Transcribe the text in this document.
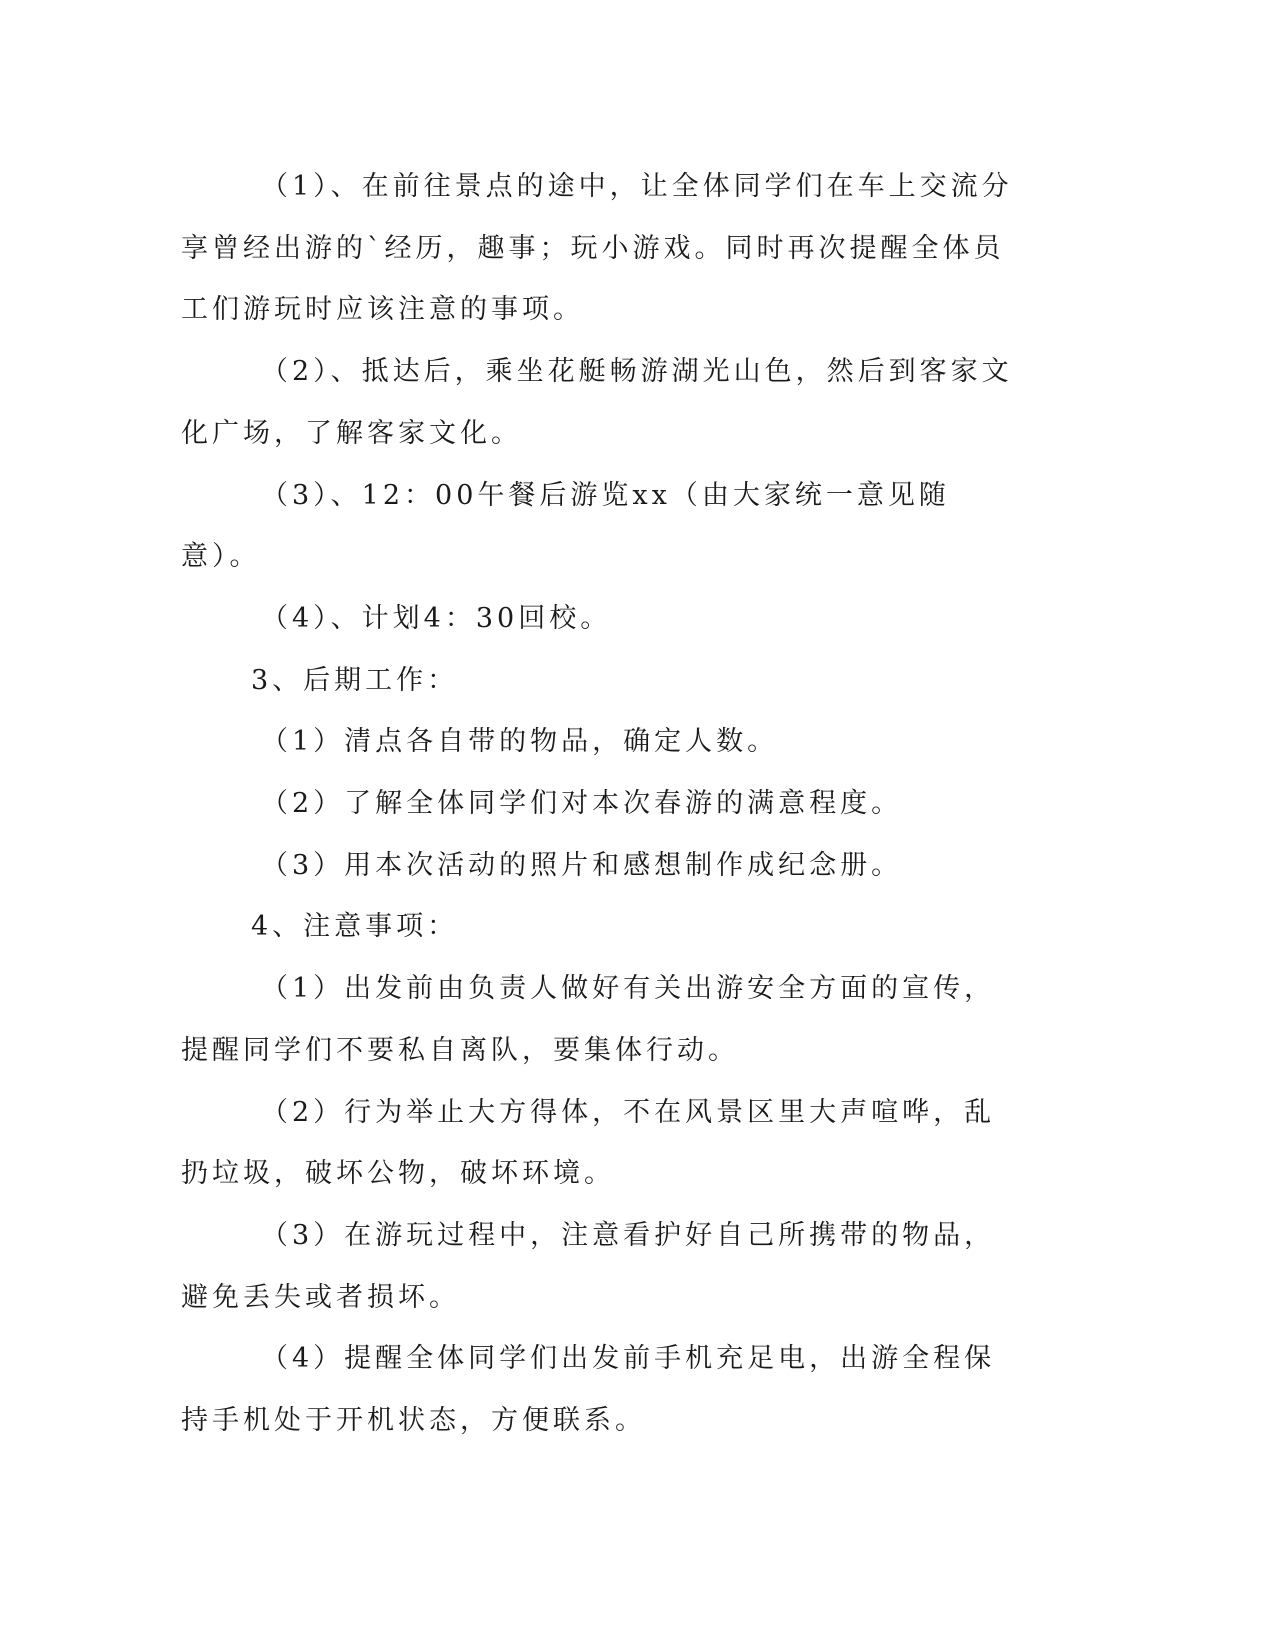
（1）、在前往景点的途中，让全体同学们在车上交流分享曾经出游的`经历，趣事；玩小游戏。同时再次提醒全体员工们游玩时应该注意的事项。

（2）、抵达后，乘坐花艇畅游湖光山色，然后到客家文化广场，了解客家文化。

（3）、12：00午餐后游览xx（由大家统一意见随意）。

（4）、计划4：30回校。

3、后期工作：

（1）清点各自带的物品，确定人数。

（2）了解全体同学们对本次春游的满意程度。

（3）用本次活动的照片和感想制作成纪念册。

4、注意事项：

（1）出发前由负责人做好有关出游安全方面的宣传，提醒同学们不要私自离队，要集体行动。

（2）行为举止大方得体，不在风景区里大声喧哗，乱扔垃圾，破坏公物，破坏环境。

（3）在游玩过程中，注意看护好自己所携带的物品，避免丢失或者损坏。

（4）提醒全体同学们出发前手机充足电，出游全程保持手机处于开机状态，方便联系。
